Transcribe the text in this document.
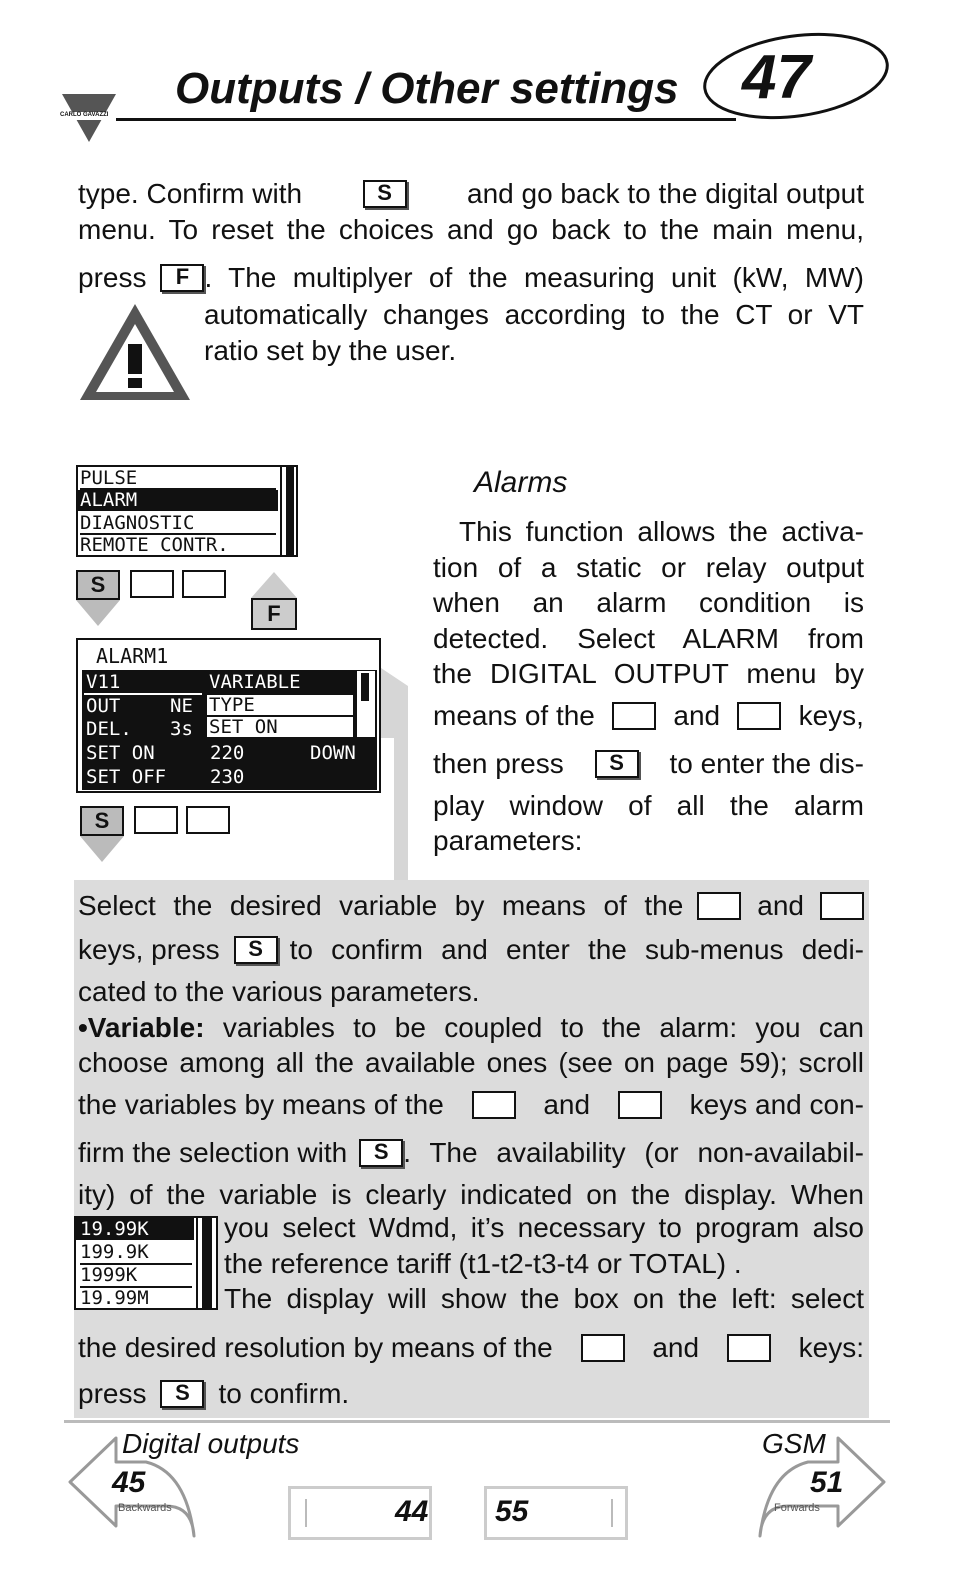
CARLO GAVAZZI
Outputs / Other settings 47
type. Confirm with	S	and go back to the digital output
menu. To reset the choices and go back to the main menu,
press	F . The multiplyer of the measuring unit (kW, MW)
automatically changes according to the CT or VT
ratio set by the user.
PULSE
ALARM
DIAGNOSTIC
REMOTE CONTR.
S
F
ALARM1
V11
OUT	NE
DEL. 3s
SET ON	220	DOWN
SET OFF 230
VARIABLE
TYPE
SET ON
S
Alarms
This function allows the activa-
tion of a static or relay output
when an alarm condition is
detected. Select ALARM from
the DIGITAL OUTPUT menu by
means of the	and	keys,
then press	S	to enter the dis-
play window of all the alarm
parameters:
Select the desired variable by means of the	and
keys, press	S to confirm and enter the sub-menus dedi-
cated to the various parameters.
•Variable: variables to be coupled to the alarm: you can
choose among all the available ones (see on page 59); scroll
the variables by means of the	and	keys and con-
firm the selection with	S . The availability (or non-availabil-
ity) of the variable is clearly indicated on the display. When
19.99K
199.9K
1999K
19.99M
you select Wdmd, it’s necessary to program also
the reference tariff (t1-t2-t3-t4 or TOTAL) .
The display will show the box on the left: select
the desired resolution by means of the	and	keys:
press	S	to confirm.
Digital outputs
45
Backwards
GSM
51
Forwards
44 55
